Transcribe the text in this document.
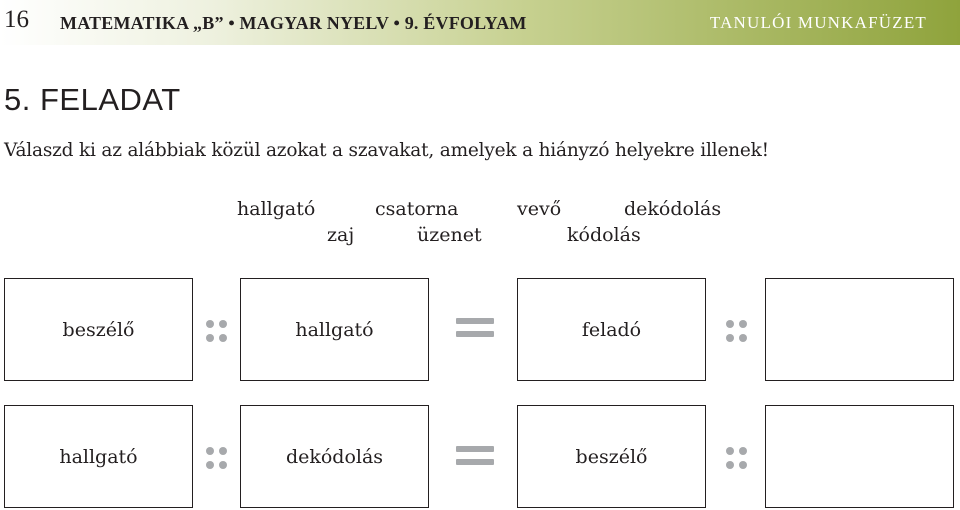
16 MATEMATIKA „B” • MAGYAR NYELV • 9. ÉVFOLYAM	TANULÓI MUNKAFÜZET
5. FELADAT
Válaszd ki az alábbiak közül azokat a szavakat, amelyek a hiányzó helyekre illenek!
hallgató	csatorna	vevő	dekódolás
zaj	üzenet	kódolás
beszélő	hallgató	feladó
hallgató	dekódolás	beszélő
